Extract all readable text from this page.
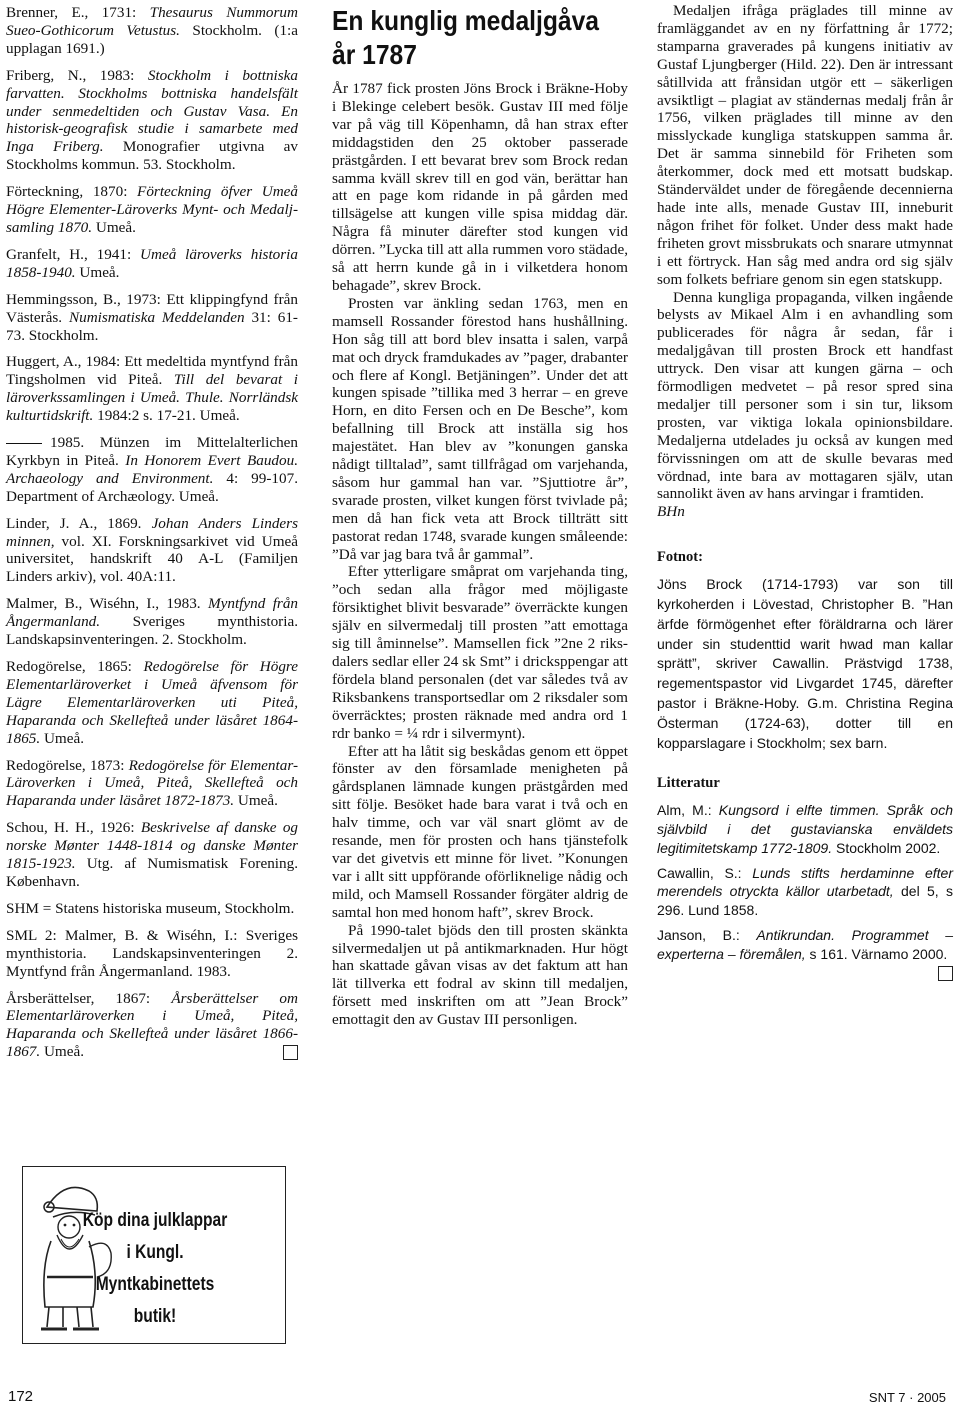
Brenner, E., 1731: Thesaurus Nummorum Sueo-Gothicorum Vetustus. Stockholm. (1:a upplagan 1691.)

Friberg, N., 1983: Stockholm i bottniska farvatten. Stockholms bottniska handelsfält under senmedeltiden och Gustav Vasa. En historisk-geografisk studie i samarbete med Inga Friberg. Monografier utgivna av Stockholms kommun. 53. Stockholm.

Förteckning, 1870: Förteckning öfver Umeå Högre Elementer-Läroverks Mynt- och Medalj-samling 1870. Umeå.

Granfelt, H., 1941: Umeå läroverks historia 1858-1940. Umeå.

Hemmingsson, B., 1973: Ett klippingfynd från Västerås. Numismatiska Meddelanden 31: 61-73. Stockholm.

Huggert, A., 1984: Ett medeltida myntfynd från Tingsholmen vid Piteå. Till del bevarat i läroverkssamlingen i Umeå. Thule. Norrländsk kulturtidskrift. 1984:2 s. 17-21. Umeå.

1985. Münzen im Mittelalterlichen Kyrkbyn in Piteå. In Honorem Evert Baudou. Archaeology and Environment. 4: 99-107. Department of Archæology. Umeå.

Linder, J. A., 1869. Johan Anders Linders minnen, vol. XI. Forskningsarkivet vid Umeå universitet, handskrift 40 A-L (Familjen Linders arkiv), vol. 40A:11.

Malmer, B., Wiséhn, I., 1983. Myntfynd från Ångermanland. Sveriges mynthistoria. Landskapsinventeringen. 2. Stockholm.

Redogörelse, 1865: Redogörelse för Högre Elementarläroverket i Umeå äfvensom för Lägre Elementarläroverken uti Piteå, Haparanda och Skellefteå under läsåret 1864-1865. Umeå.

Redogörelse, 1873: Redogörelse för Elementar-Läroverken i Umeå, Piteå, Skellefteå och Haparanda under läsåret 1872-1873. Umeå.

Schou, H. H., 1926: Beskrivelse af danske og norske Mønter 1448-1814 og danske Mønter 1815-1923. Utg. af Numismatisk Forening. København.

SHM = Statens historiska museum, Stockholm.

SML 2: Malmer, B. & Wiséhn, I.: Sveriges mynthistoria. Landskapsinventeringen 2. Myntfynd från Ångermanland. 1983.

Årsberättelser, 1867: Årsberättelser om Elementarläroverken i Umeå, Piteå, Haparanda och Skellefteå under läsåret 1866-1867. Umeå.

Köp dina julklappar
i Kungl.
Myntkabinettets
butik!
En kunglig medaljgåva år 1787

År 1787 fick prosten Jöns Brock i Bräkne-Hoby i Blekinge celebert besök. Gustav III med följe var på väg till Köpenhamn, då han strax efter middagstiden den 25 oktober passerade prästgården. I ett bevarat brev som Brock redan samma kväll skrev till en god vän, berättar han att en page kom ridande in på gården med tillsägelse att kungen ville spisa middag där. Några få minuter därefter stod kungen vid dörren. ”Lycka till att alla rummen voro städade, så att herrn kunde gå in i vilketdera honom behagade”, skrev Brock.

Prosten var änkling sedan 1763, men en mamsell Rossander förestod hans hushållning. Hon såg till att bord blev insatta i salen, varpå mat och dryck framdukades av ”pager, drabanter och flere af Kongl. Betjäningen”. Under det att kungen spisade ”tillika med 3 herrar – en greve Horn, en dito Fersen och en De Besche”, kom befallning till Brock att inställa sig hos majestätet. Han blev av ”konungen ganska nådigt tilltalad”, samt tillfrågad om varjehanda, såsom hur gammal han var. ”Sjuttiotre år”, svarade prosten, vilket kungen först tvivlade på; men då han fick veta att Brock tillträtt sitt pastorat redan 1748, svarade kungen småleende: ”Då var jag bara två år gammal”.

Efter ytterligare småprat om varjehanda ting, ”och sedan alla frågor med möjligaste försiktighet blivit besvarade” överräckte kungen själv en silvermedalj till prosten ”att emottaga sig till åminnelse”. Mamsellen fick ”2ne 2 riks-dalers sedlar eller 24 sk Smt” i dricksppengar att fördela bland personalen (det var således två av Riksbankens transportsedlar om 2 riksdaler som överräcktes; prosten räknade med andra ord 1 rdr banko = ¼ rdr i silvermynt).

Efter att ha låtit sig beskådas genom ett öppet fönster av den församlade menigheten på gårdsplanen lämnade kungen prästgården med sitt följe. Besöket hade bara varat i två och en halv timme, och var väl snart glömt av de resande, men för prosten och hans tjänstefolk var det givetvis ett minne för livet. ”Konungen var i allt sitt uppförande oförliknelige nådig och mild, och Mamsell Rossander förgäter aldrig de samtal hon med honom haft”, skrev Brock.

På 1990-talet bjöds den till prosten skänkta silvermedaljen ut på antikmarknaden. Hur högt han skattade gåvan visas av det faktum att han lät tillverka ett fodral av skinn till medaljen, försett med inskriften om att ”Jean Brock” emottagit den av Gustav III personligen.

Medaljen ifråga präglades till minne av framläggandet av en ny författning år 1772; stamparna graverades på kungens initiativ av Gustaf Ljungberger (Hild. 22). Den är intressant såtillvida att frånsidan utgör ett – säkerligen avsiktligt – plagiat av ständernas medalj från år 1756, vilken präglades till minne av den misslyckade kungliga statskuppen samma år. Det är samma sinnebild för Friheten som återkommer, dock med ett motsatt budskap. Ständerväldet under de föregående decennierna hade inte alls, menade Gustav III, inneburit någon frihet för folket. Under dess makt hade friheten grovt missbrukats och snarare utmynnat i ett förtryck. Han såg med andra ord sig själv som folkets befriare genom sin egen statskupp.

Denna kungliga propaganda, vilken ingående belysts av Mikael Alm i en avhandling som publicerades för några år sedan, får i medaljgåvan till prosten Brock ett handfast uttryck. Den visar att kungen gärna – och förmodligen medvetet – på resor spred sina medaljer till personer som i sin tur, liksom prosten, var viktiga lokala opinionsbildare. Medaljerna utdelades ju också av kungen med förvissningen om att de skulle bevaras med vördnad, inte bara av mottagaren själv, utan sannolikt även av hans arvingar i framtiden.

BHn

Fotnot:

Jöns Brock (1714-1793) var son till kyrkoherden i Lövestad, Christopher B. ”Han ärfde förmögenhet efter föräldrarna och lärer under sin studenttid warit hwad man kallar sprätt”, skriver Cawallin. Prästvigd 1738, regementspastor vid Livgardet 1745, därefter pastor i Bräkne-Hoby. G.m. Christina Regina Österman (1724-63), dotter till en kopparslagare i Stockholm; sex barn.

Litteratur

Alm, M.: Kungsord i elfte timmen. Språk och självbild i det gustavianska enväldets legitimitetskamp 1772-1809. Stockholm 2002.

Cawallin, S.: Lunds stifts herdaminne efter merendels otryckta källor utarbetadt, del 5, s 296. Lund 1858.

Janson, B.: Antikrundan. Programmet – experterna – föremålen, s 161. Värnamo 2000.

172	SNT 7 · 2005
